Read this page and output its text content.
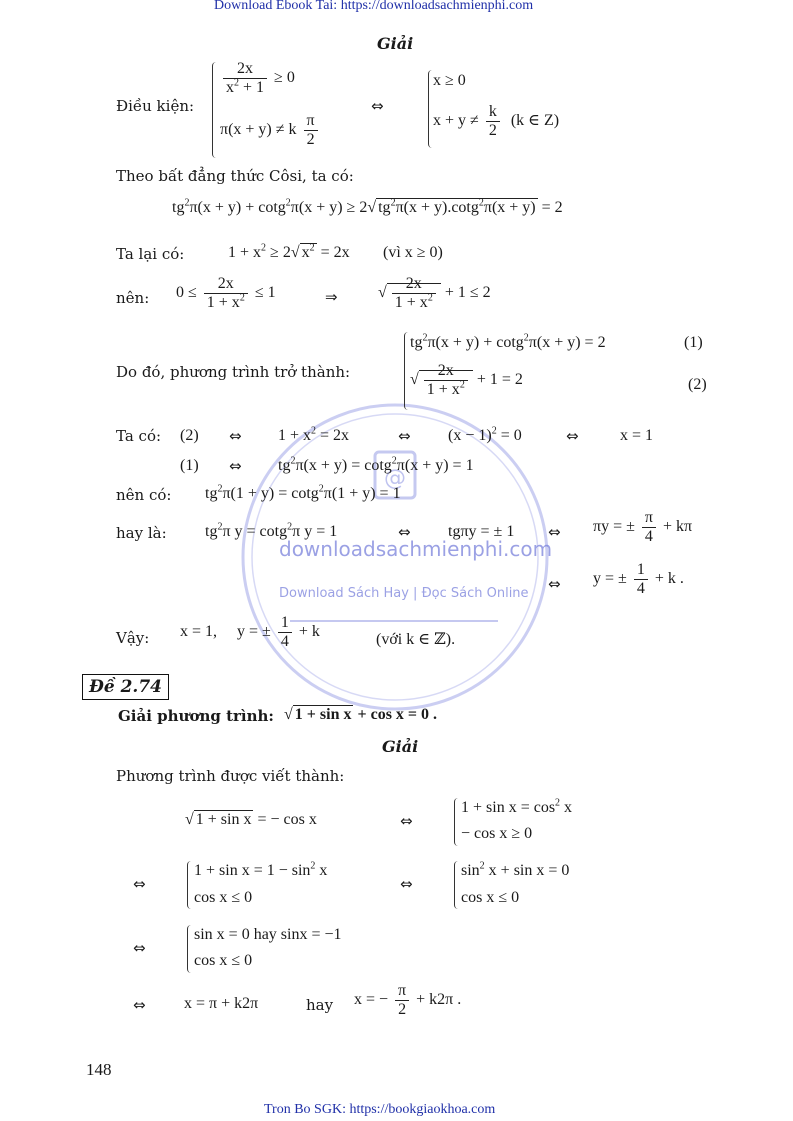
Download Ebook Tai: https://downloadsachmienphi.com
Tron Bo SGK: https://bookgiaokhoa.com
@
downloadsachmienphi.com
Download Sách Hay | Đọc Sách Online
Giải
Điều kiện:
$\frac{2x}{x^2 + 1} \ge 0$
π(x + y) ≠ k $\frac{\pi}{2}$
⇔
x ≥ 0
$x + y \ne \frac{k}{2} (k$ ∈ Z)
Theo bất đẳng thức Côsi, ta có:
$tg^2\pi(x + y) + \cot g^2\pi(x + y) \ge 2√$ $tg^2\pi(x + y).\cot g^2\pi(x + y) = 2$
Ta lại có:	$1 + x^2 \ge 2√$ $x^2 = 2x$ (vì x ≥ 0)
nên: $0 \le \frac{2x}{1 + x^2} \le 1$	⇒	√ $\frac{2x}{1 + x^2} + 1 \le 2$
Do đó, phương trình trở thành:
$tg^2\pi(x + y) + \cot g^2\pi(x + y) = 2$	(1)
√ $\frac{2x}{1 + x^2} + 1 = 2$	(2)
Ta có: (2) ⇔ $1 + x^2 = 2x$	⇔ $(x - 1)^2 = 0$	⇔	x = 1
(1) ⇔ $tg^2\pi(x + y) = \cot g^2\pi(x + y) = 1$
nên có: $tg^2\pi(1 + y) = \cot g^2\pi(1 + y) = 1$
hay là: $tg^2\pi$ y = cotg$^2$π y = 1	⇔ tgπy = ± 1 ⇔ πy = ± $\frac{\pi}{4} + k\pi$
⇔ y = ± $\frac{1}{4} + k$ .
Vậy: x = 1,     y = ± $\frac{1}{4} + k$	(với k ∈ ℤ).
Đề 2.74
Giải phương trình: √ 1 + sin x + cos x = 0 .
Giải
Phương trình được viết thành:
√ 1 + sin x = − cos x	⇔
$1 + \sin x = \cos^2 x$
− cos x ≥ 0
⇔
$1 + \sin x = 1 - \sin^2 x$
cos x ≤ 0
⇔
$\sin^2 x + \sin x = 0$
cos x ≤ 0
⇔
sin x = 0 hay sinx = −1
cos x ≤ 0
⇔ x = π + k2π	hay x = − $\frac{\pi}{2} + k2\pi$ .
148
